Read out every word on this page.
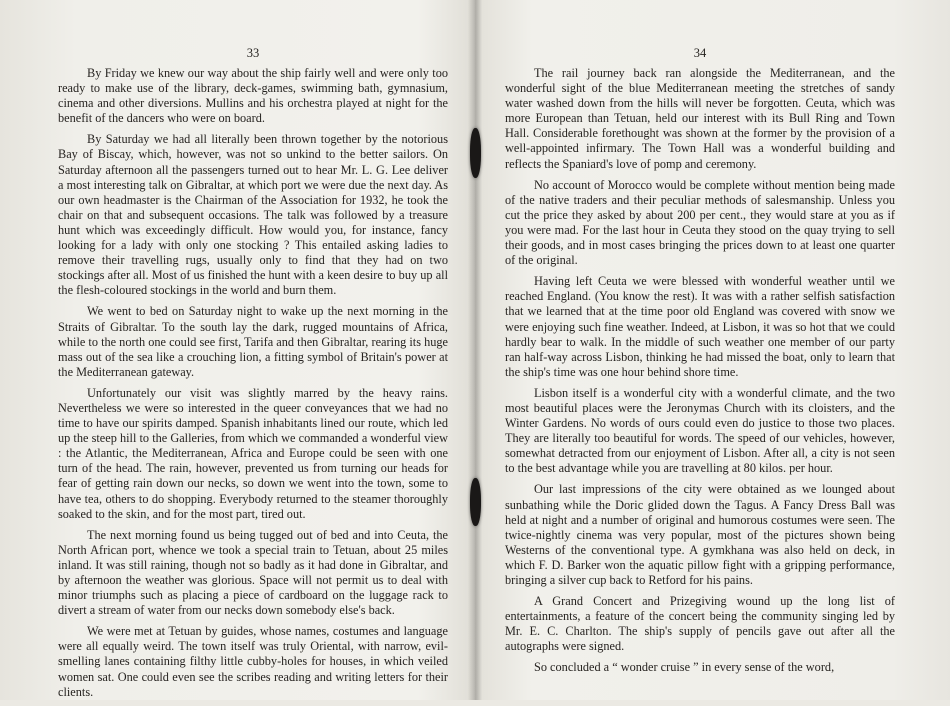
33

By Friday we knew our way about the ship fairly well and were only too ready to make use of the library, deck-games, swimming bath, gymnasium, cinema and other diversions. Mullins and his orchestra played at night for the benefit of the dancers who were on board.

By Saturday we had all literally been thrown together by the notorious Bay of Biscay, which, however, was not so unkind to the better sailors. On Saturday afternoon all the passengers turned out to hear Mr. L. G. Lee deliver a most interesting talk on Gibraltar, at which port we were due the next day. As our own headmaster is the Chairman of the Association for 1932, he took the chair on that and subsequent occasions. The talk was followed by a treasure hunt which was exceedingly difficult. How would you, for instance, fancy looking for a lady with only one stocking ? This entailed asking ladies to remove their travelling rugs, usually only to find that they had on two stockings after all. Most of us finished the hunt with a keen desire to buy up all the flesh-coloured stockings in the world and burn them.

We went to bed on Saturday night to wake up the next morning in the Straits of Gibraltar. To the south lay the dark, rugged mountains of Africa, while to the north one could see first, Tarifa and then Gibraltar, rearing its huge mass out of the sea like a crouching lion, a fitting symbol of Britain's power at the Mediterranean gateway.

Unfortunately our visit was slightly marred by the heavy rains. Nevertheless we were so interested in the queer conveyances that we had no time to have our spirits damped. Spanish inhabitants lined our route, which led up the steep hill to the Galleries, from which we commanded a wonderful view : the Atlantic, the Mediterranean, Africa and Europe could be seen with one turn of the head. The rain, however, prevented us from turning our heads for fear of getting rain down our necks, so down we went into the town, some to have tea, others to do shopping. Everybody returned to the steamer thoroughly soaked to the skin, and for the most part, tired out.

The next morning found us being tugged out of bed and into Ceuta, the North African port, whence we took a special train to Tetuan, about 25 miles inland. It was still raining, though not so badly as it had done in Gibraltar, and by afternoon the weather was glorious. Space will not permit us to deal with minor triumphs such as placing a piece of cardboard on the luggage rack to divert a stream of water from our necks down somebody else's back.

We were met at Tetuan by guides, whose names, costumes and language were all equally weird. The town itself was truly Oriental, with narrow, evil-smelling lanes containing filthy little cubby-holes for houses, in which veiled women sat. One could even see the scribes reading and writing letters for their clients.

34

The rail journey back ran alongside the Mediterranean, and the wonderful sight of the blue Mediterranean meeting the stretches of sandy water washed down from the hills will never be forgotten. Ceuta, which was more European than Tetuan, held our interest with its Bull Ring and Town Hall. Considerable forethought was shown at the former by the provision of a well-appointed infirmary. The Town Hall was a wonderful building and reflects the Spaniard's love of pomp and ceremony.

No account of Morocco would be complete without mention being made of the native traders and their peculiar methods of salesmanship. Unless you cut the price they asked by about 200 per cent., they would stare at you as if you were mad. For the last hour in Ceuta they stood on the quay trying to sell their goods, and in most cases bringing the prices down to at least one quarter of the original.

Having left Ceuta we were blessed with wonderful weather until we reached England. (You know the rest). It was with a rather selfish satisfaction that we learned that at the time poor old England was covered with snow we were enjoying such fine weather. Indeed, at Lisbon, it was so hot that we could hardly bear to walk. In the middle of such weather one member of our party ran half-way across Lisbon, thinking he had missed the boat, only to learn that the ship's time was one hour behind shore time.

Lisbon itself is a wonderful city with a wonderful climate, and the two most beautiful places were the Jeronymas Church with its cloisters, and the Winter Gardens. No words of ours could even do justice to those two places. They are literally too beautiful for words. The speed of our vehicles, however, somewhat detracted from our enjoyment of Lisbon. After all, a city is not seen to the best advantage while you are travelling at 80 kilos. per hour.

Our last impressions of the city were obtained as we lounged about sunbathing while the Doric glided down the Tagus. A Fancy Dress Ball was held at night and a number of original and humorous costumes were seen. The twice-nightly cinema was very popular, most of the pictures shown being Westerns of the conventional type. A gymkhana was also held on deck, in which F. D. Barker won the aquatic pillow fight with a gripping performance, bringing a silver cup back to Retford for his pains.

A Grand Concert and Prizegiving wound up the long list of entertainments, a feature of the concert being the community singing led by Mr. E. C. Charlton. The ship's supply of pencils gave out after all the autographs were signed.

So concluded a “ wonder cruise ” in every sense of the word,
